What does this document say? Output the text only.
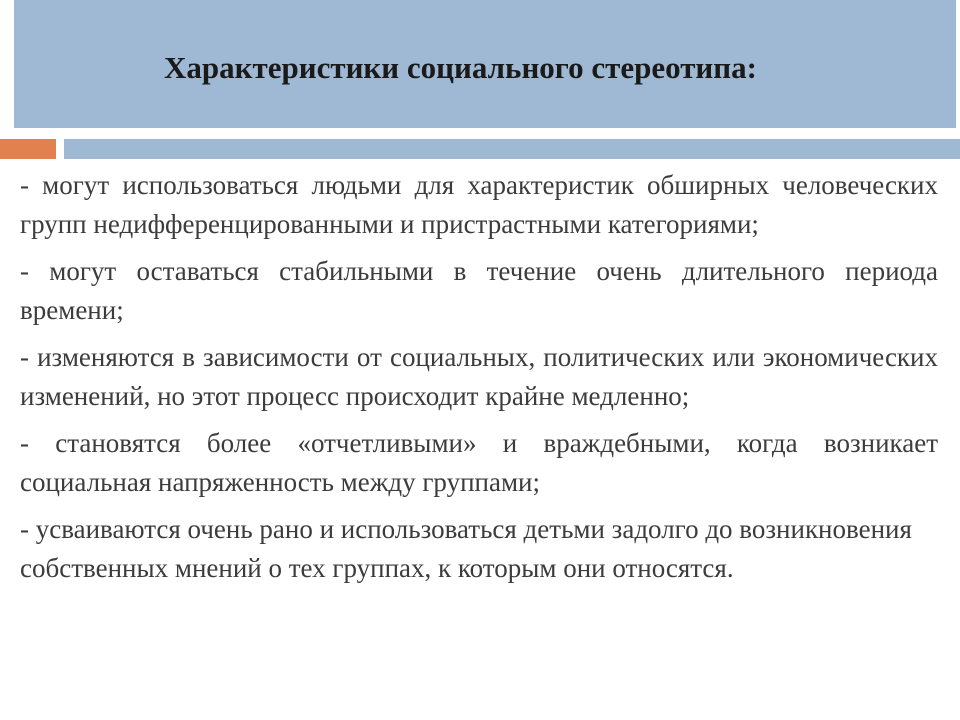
Характеристики социального стереотипа:
- могут использоваться людьми для характеристик обширных человеческих групп недифференцированными и пристрастными категориями;
- могут оставаться стабильными в течение очень длительного периода времени;
- изменяются в зависимости от социальных, политических или экономических изменений, но этот процесс происходит крайне медленно;
- становятся более «отчетливыми» и враждебными, когда возникает социальная напряженность между группами;
- усваиваются очень рано и использоваться детьми задолго до возникновения собственных мнений о тех группах, к которым они относятся.
